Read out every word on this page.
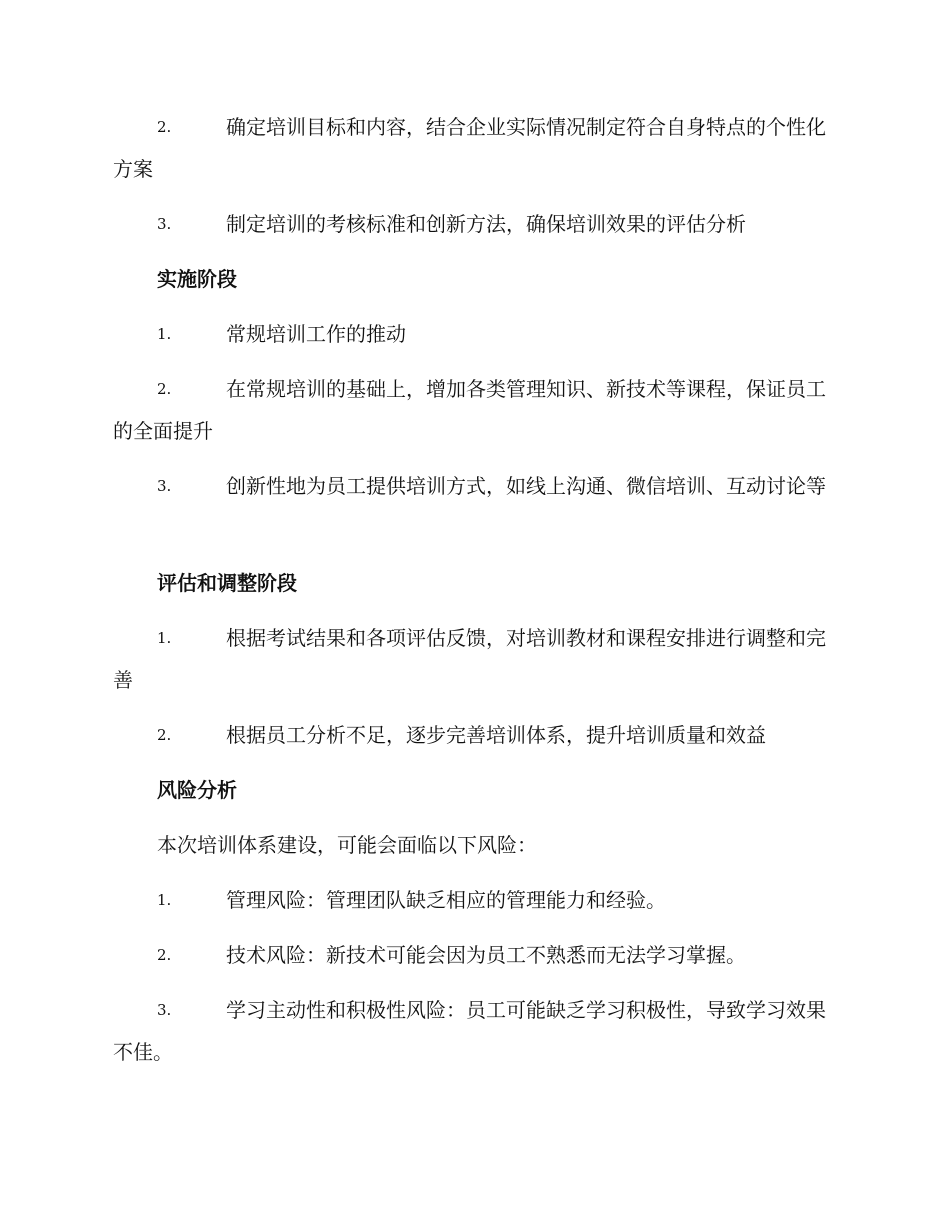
2.	确定培训目标和内容，结合企业实际情况制定符合自身特点的个性化方案

3.	制定培训的考核标准和创新方法，确保培训效果的评估分析

实施阶段
1.	常规培训工作的推动

2.	在常规培训的基础上，增加各类管理知识、新技术等课程，保证员工的全面提升

3.	创新性地为员工提供培训方式，如线上沟通、微信培训、互动讨论等

评估和调整阶段
1.	根据考试结果和各项评估反馈，对培训教材和课程安排进行调整和完善

2.	根据员工分析不足，逐步完善培训体系，提升培训质量和效益

风险分析

本次培训体系建设，可能会面临以下风险：

1.	管理风险：管理团队缺乏相应的管理能力和经验。

2.	技术风险：新技术可能会因为员工不熟悉而无法学习掌握。

3.	学习主动性和积极性风险：员工可能缺乏学习积极性，导致学习效果不佳。
